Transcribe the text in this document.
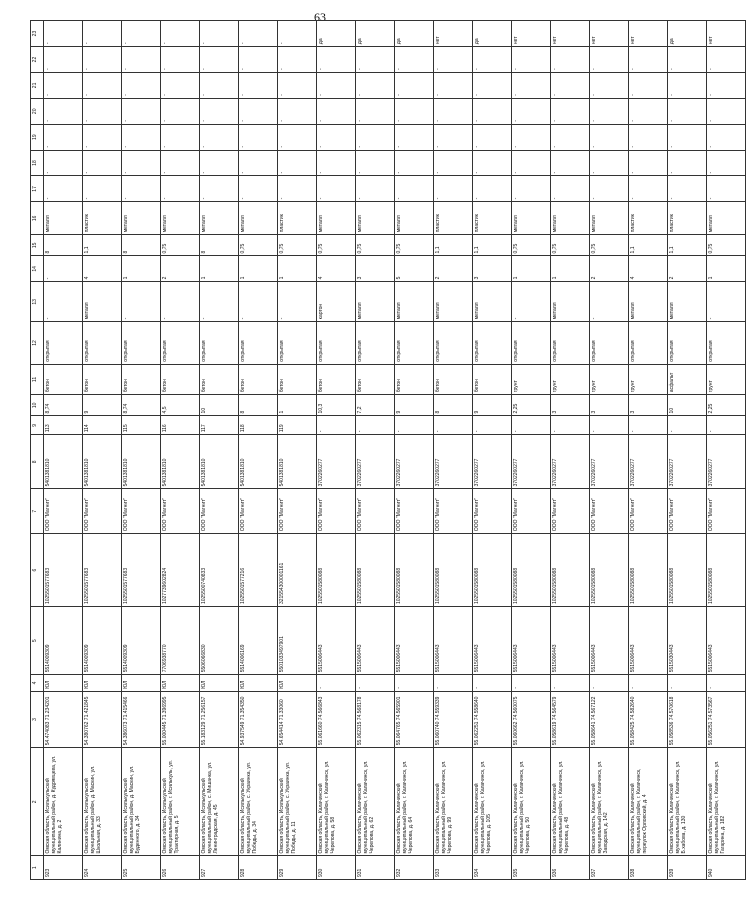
63
1	2	3	4	5	6	7	8	9	10	11	12	13	14	15	16	17	18	19	20	21	22	23
923	Омская область, Исилькульский муниципальный район, д. Кудрявцева, ул. Калинина, д. 2	54.474083 71.234201	ЮЛ	5514009309	1025501577683	ООО "Магнит"	5401381810	113	8,74	бетон	открытая	-	-	8	металл	-	-	-	-	-	-	-
924	Омская область, Исилькульский муниципальный район, д. Маскин, ул. Школьная, д. 33	54.380762 71.421845	ЮЛ	5514009309	1025501577683	ООО "Магнит"	5401381810	114	9	бетон	открытая	металл	4	1,1	пластик	-	-	-	-	-	-	-
925	Омская область, Исилькульский муниципальный район, д. Маскин, ул. Буденного, д. 34	54.386073 71.415466	ЮЛ	5514009309	1025501577683	ООО "Магнит"	5401381810	115	8,74	бетон	открытая	-	1	8	металл	-	-	-	-	-	-	-
926	Омская область, Исилькульский муниципальный район, г. Исилькуль, ул. Трактирная, д. 5	55.000445 71.396995	ЮЛ	7706938770	1027739602824	ООО "Магнит"	5401381810	116	4,5	бетон	открытая	-	2	0,75	металл	-	-	-	-	-	-	-
927	Омская область, Исилькульский муниципальный район, с. Мишанка, ул. Ленинградская, д. 45	55.183129 71.256157	ЮЛ	5506066830	1025500740833	ООО "Магнит"	5401381810	117	10	бетон	открытая	-	1	8	металл	-	-	-	-	-	-	-
928	Омская область, Исилькульский муниципальный район, с. Украинка, ул. Победы, д. 34	54.937549 71.354350	ЮЛ	5514006169	1025501577216	ООО "Магнит"	5401381810	118	8	бетон	открытая	-	1	0,75	металл	-	-	-	-	-	-	-
929	Омская область, Исилькульский муниципальный район, с. Украинка, ул. Победы, д. 11	54.654414 71.33060	ЮЛ	5501033497901	321554300001161	ООО "Магнит"	5401381810	119	1	бетон	открытая	-	1	0,75	пластик	-	-	-	-	-	-	-
930	Омская область, Калачинский муниципальный район, г. Калачинск, ул. Черепова, д. 58	55.061660 74.566843	-	5515006443	1025501580088	ООО "Магнит"	3702260277	-	10,3	бетон	открытая	картон	4	0,75	металл	-	-	-	-	-	-	да
931	Омская область, Калачинский муниципальный район, г. Калачинск, ул. Черепова, д. 62	55.062315 74.568178	-	5515006443	1025501580088	ООО "Магнит"	3702260277	-	7,2	бетон	открытая	металл	3	0,75	металл	-	-	-	-	-	-	да
932	Омская область, Калачинский муниципальный район, г. Калачинск, ул. Черепова, д. 64	55.064765 74.565901	-	5515006443	1025501580088	ООО "Магнит"	3702260277	-	9	бетон	открытая	металл	5	0,75	металл	-	-	-	-	-	-	да
933	Омская область, Калачинский муниципальный район, г. Калачинск, ул. Черепова, д. 99	55.060740 74.559339	-	5515006443	1025501580088	ООО "Магнит"	3702260277	-	8	бетон	открытая	металл	2	1,1	пластик	-	-	-	-	-	-	нет
934	Омская область, Калачинский муниципальный район, г. Калачинск, ул. Черепова, д. 105	55.062251 74.558640	-	5515006443	1025501580088	ООО "Магнит"	3702260277	-	9	бетон	открытая	металл	3	1,1	пластик	-	-	-	-	-	-	да
935	Омская область, Калачинский муниципальный район, г. Калачинск, ул. Черепова, д. 50	55.060662 74.560075	-	5515006443	1025501580088	ООО "Магнит"	3702260277	-	2,25	грунт	открытая	-	1	0,75	металл	-	-	-	-	-	-	нет
936	Омская область, Калачинский муниципальный район, г. Калачинск, ул. Черепова, д. 48	55.058619 74.564579	-	5515006443	1025501580088	ООО "Магнит"	3702260277	-	3	грунт	открытая	металл	1	0,75	металл	-	-	-	-	-	-	нет
937	Омская область, Калачинский муниципальный район, г. Калачинск, ул. Заводская, д. 142	55.058641 74.567122	-	5515006443	1025501580088	ООО "Магнит"	3702260277	-	3	грунт	открытая	-	2	0,75	металл	-	-	-	-	-	-	нет
938	Омская область, Калачинский муниципальный район, г. Калачинск, переулок Орловский, д. 4	55.058425 74.582640	-	5515006443	1025501580088	ООО "Магнит"	3702260277	-	3	грунт	открытая	металл	4	1,1	пластик	-	-	-	-	-	-	нет
939	Омская область, Калачинский муниципальный район, г. Калачинск, ул. Б.хабова, д. 130	55.058536 74.570618	-	5515030443	1025501580088	ООО "Магнит"	3702260277	-	10	асфальт	открытая	металл	2	1,1	пластик	-	-	-	-	-	-	да
940	Омская область, Калачинский муниципальный район, г. Калачинск, ул. Гагарина, д. 182	55.056251 74.573567	-	5515006443	1025501580088	ООО "Магнит"	3702260277	-	2,25	грунт	открытая	-	1	0,75	металл	-	-	-	-	-	-	нет
